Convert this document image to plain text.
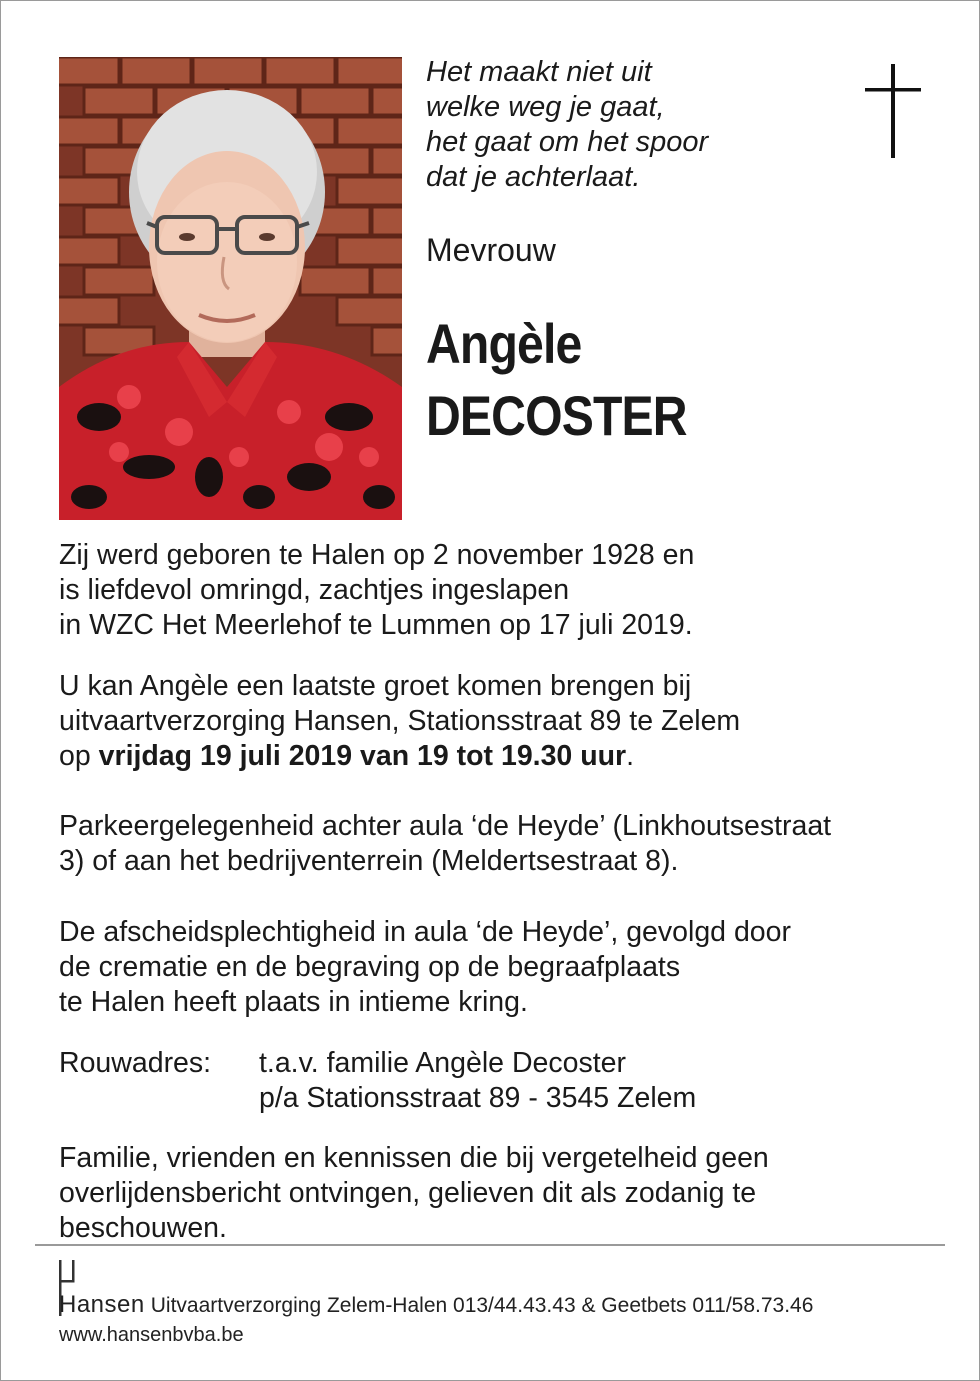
Het maakt niet uit
welke weg je gaat,
het gaat om het spoor
dat je achterlaat.
Mevrouw
Angèle
DECOSTER
Zij werd geboren te Halen op 2 november 1928 en
is liefdevol omringd, zachtjes ingeslapen
in WZC Het Meerlehof te Lummen op 17 juli 2019.
U kan Angèle een laatste groet komen brengen bij
uitvaartverzorging Hansen, Stationsstraat 89 te Zelem
op vrijdag 19 juli 2019 van 19 tot 19.30 uur.
Parkeergelegenheid achter aula ‘de Heyde’ (Linkhoutsestraat
3) of aan het bedrijventerrein (Meldertsestraat 8).
De afscheidsplechtigheid in aula ‘de Heyde’, gevolgd door
de crematie en de begraving op de begraafplaats
te Halen heeft plaats in intieme kring.
Rouwadres: t.a.v. familie Angèle Decoster
p/a Stationsstraat 89 - 3545 Zelem
Familie, vrienden en kennissen die bij vergetelheid geen
overlijdensbericht ontvingen, gelieven dit als zodanig te
beschouwen.
Hansen Uitvaartverzorging Zelem-Halen 013/44.43.43 & Geetbets 011/58.73.46
www.hansenbvba.be
